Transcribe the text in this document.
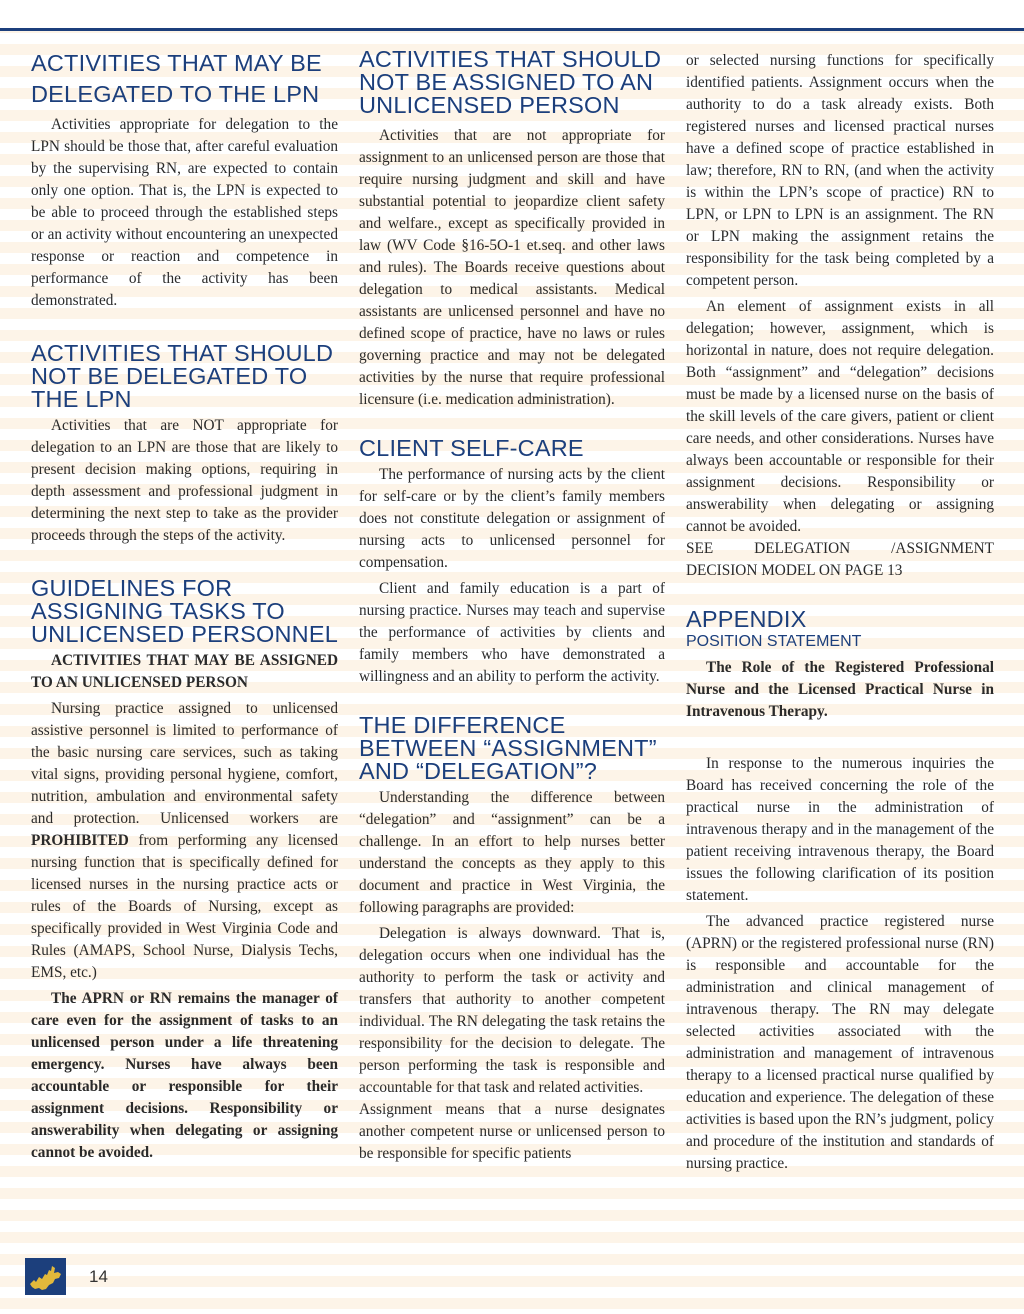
ACTIVITIES THAT MAY BE DELEGATED TO THE LPN

Activities appropriate for delegation to the LPN should be those that, after careful evaluation by the supervising RN, are expected to contain only one option. That is, the LPN is expected to be able to proceed through the established steps or an activity without encountering an unexpected response or reaction and competence in performance of the activity has been demonstrated.

ACTIVITIES THAT SHOULD NOT BE DELEGATED TO THE LPN

Activities that are NOT appropriate for delegation to an LPN are those that are likely to present decision making options, requiring in depth assessment and professional judgment in determining the next step to take as the provider proceeds through the steps of the activity.

GUIDELINES FOR ASSIGNING TASKS TO UNLICENSED PERSONNEL

ACTIVITIES THAT MAY BE ASSIGNED TO AN UNLICENSED PERSON

Nursing practice assigned to unlicensed assistive personnel is limited to performance of the basic nursing care services, such as taking vital signs, providing personal hygiene, comfort, nutrition, ambulation and environmental safety and protection. Unlicensed workers are PROHIBITED from performing any licensed nursing function that is specifically defined for licensed nurses in the nursing practice acts or rules of the Boards of Nursing, except as specifically provided in West Virginia Code and Rules (AMAPS, School Nurse, Dialysis Techs, EMS, etc.)

The APRN or RN remains the manager of care even for the assignment of tasks to an unlicensed person under a life threatening emergency. Nurses have always been accountable or responsible for their assignment decisions. Responsibility or answerability when delegating or assigning cannot be avoided.

ACTIVITIES THAT SHOULD NOT BE ASSIGNED TO AN UNLICENSED PERSON

Activities that are not appropriate for assignment to an unlicensed person are those that require nursing judgment and skill and have substantial potential to jeopardize client safety and welfare., except as specifically provided in law (WV Code §16-5O-1 et.seq. and other laws and rules). The Boards receive questions about delegation to medical assistants. Medical assistants are unlicensed personnel and have no defined scope of practice, have no laws or rules governing practice and may not be delegated activities by the nurse that require professional licensure (i.e. medication administration).

CLIENT SELF-CARE

The performance of nursing acts by the client for self-care or by the client’s family members does not constitute delegation or assignment of nursing acts to unlicensed personnel for compensation.

Client and family education is a part of nursing practice. Nurses may teach and supervise the performance of activities by clients and family members who have demonstrated a willingness and an ability to perform the activity.

THE DIFFERENCE BETWEEN “ASSIGNMENT” AND “DELEGATION”?

Understanding the difference between “delegation” and “assignment” can be a challenge. In an effort to help nurses better understand the concepts as they apply to this document and practice in West Virginia, the following paragraphs are provided:

Delegation is always downward. That is, delegation occurs when one individual has the authority to perform the task or activity and transfers that authority to another competent individual. The RN delegating the task retains the responsibility for the decision to delegate. The person performing the task is responsible and accountable for that task and related activities.

Assignment means that a nurse designates another competent nurse or unlicensed person to be responsible for specific patients

or selected nursing functions for specifically identified patients. Assignment occurs when the authority to do a task already exists. Both registered nurses and licensed practical nurses have a defined scope of practice established in law; therefore, RN to RN, (and when the activity is within the LPN’s scope of practice) RN to LPN, or LPN to LPN is an assignment. The RN or LPN making the assignment retains the responsibility for the task being completed by a competent person.

An element of assignment exists in all delegation; however, assignment, which is horizontal in nature, does not require delegation. Both “assignment” and “delegation” decisions must be made by a licensed nurse on the basis of the skill levels of the care givers, patient or client care needs, and other considerations. Nurses have always been accountable or responsible for their assignment decisions. Responsibility or answerability when delegating or assigning cannot be avoided.

SEE DELEGATION /ASSIGNMENT DECISION MODEL ON PAGE 13

APPENDIX
POSITION STATEMENT

The Role of the Registered Professional Nurse and the Licensed Practical Nurse in Intravenous Therapy.

In response to the numerous inquiries the Board has received concerning the role of the practical nurse in the administration of intravenous therapy and in the management of the patient receiving intravenous therapy, the Board issues the following clarification of its position statement.

The advanced practice registered nurse (APRN) or the registered professional nurse (RN) is responsible and accountable for the administration and clinical management of intravenous therapy. The RN may delegate selected activities associated with the administration and management of intravenous therapy to a licensed practical nurse qualified by education and experience. The delegation of these activities is based upon the RN’s judgment, policy and procedure of the institution and standards of nursing practice.

14
